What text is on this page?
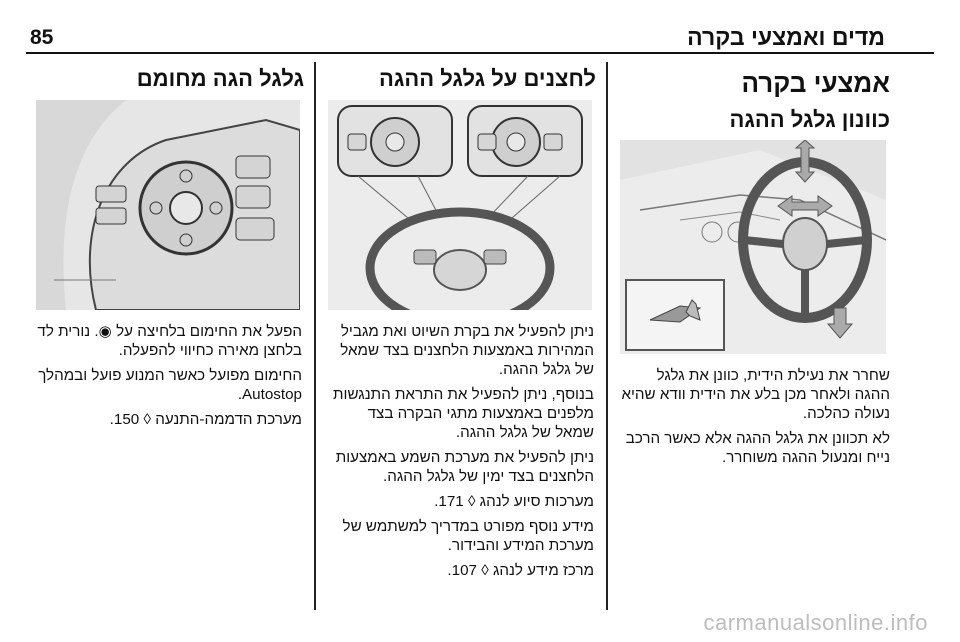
85	מדים ואמצעי בקרה
אמצעי בקרה
כוונון גלגל ההגה

שחרר את נעילת הידית, כוונן את גלגל ההגה ולאחר מכן בלע את הידית וודא שהיא נעולה כהלכה.

לא תכוונן את גלגל ההגה אלא כאשר הרכב נייח ומנעול ההגה משוחרר.

לחצנים על גלגל ההגה

ניתן להפעיל את בקרת השיוט ואת מגביל המהירות באמצעות הלחצנים בצד שמאל של גלגל ההגה.

בנוסף, ניתן להפעיל את התראת התנגשות מלפנים באמצעות מתגי הבקרה בצד שמאל של גלגל ההגה.

ניתן להפעיל את מערכת השמע באמצעות הלחצנים בצד ימין של גלגל ההגה.

מערכות סיוע לנהג ◊ 171.

מידע נוסף מפורט במדריך למשתמש של מערכת המידע והבידור.

מרכז מידע לנהג ◊ 107.

גלגל הגה מחומם

הפעל את החימום בלחיצה על ◉. נורית לד בלחצן מאירה כחיווי להפעלה.

החימום מפועל כאשר המנוע פועל ובמהלך Autostop.

מערכת הדממה-התנעה ◊ 150.

carmanualsonline.info
